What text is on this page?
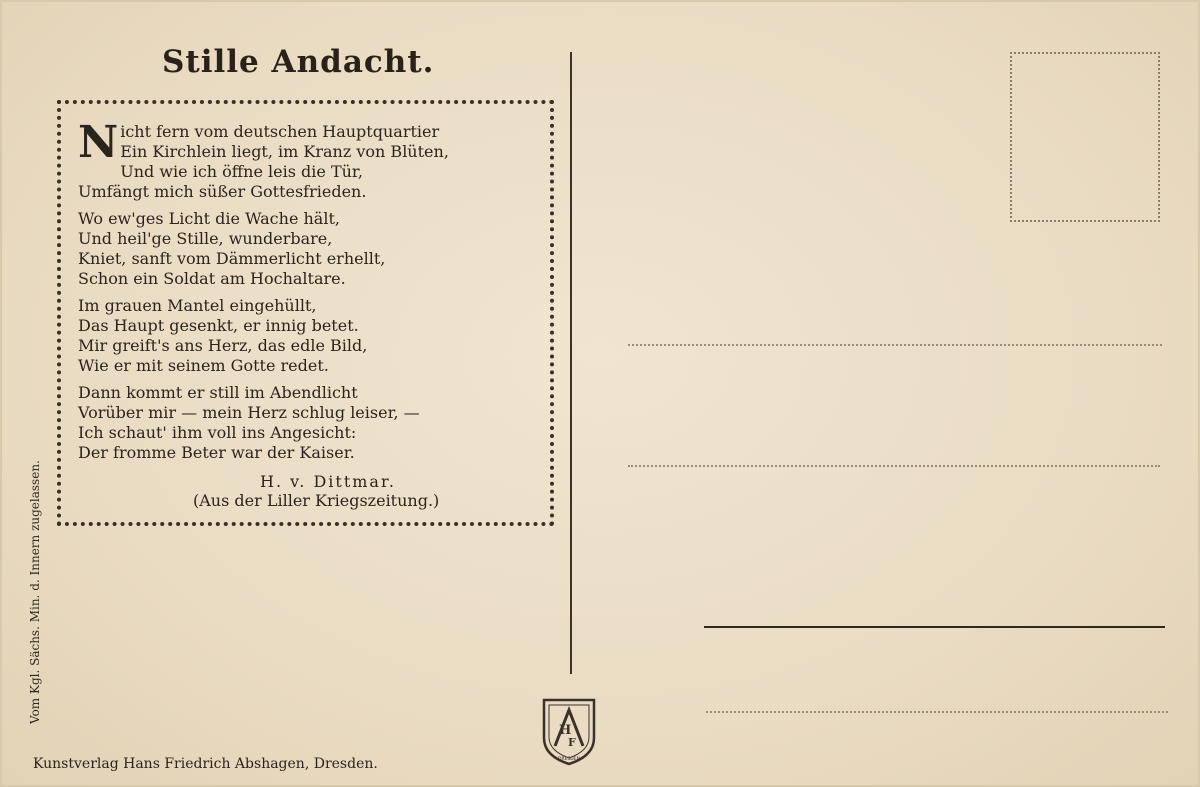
Stille Andacht.
N icht fern vom deutschen Hauptquartier
Ein Kirchlein liegt, im Kranz von Blüten,
Und wie ich öffne leis die Tür,
Umfängt mich süßer Gottesfrieden.
Wo ew'ges Licht die Wache hält,
Und heil'ge Stille, wunderbare,
Kniet, sanft vom Dämmerlicht erhellt,
Schon ein Soldat am Hochaltare.
Im grauen Mantel eingehüllt,
Das Haupt gesenkt, er innig betet.
Mir greift's ans Herz, das edle Bild,
Wie er mit seinem Gotte redet.
Dann kommt er still im Abendlicht
Vorüber mir — mein Herz schlug leiser, —
Ich schaut' ihm voll ins Angesicht:
Der fromme Beter war der Kaiser.
H. v. Dittmar.
(Aus der Liller Kriegszeitung.)
Vom Kgl. Sächs. Min. d. Innern zugelassen.
Kunstverlag Hans Friedrich Abshagen, Dresden.
H
F
DRESDEN
